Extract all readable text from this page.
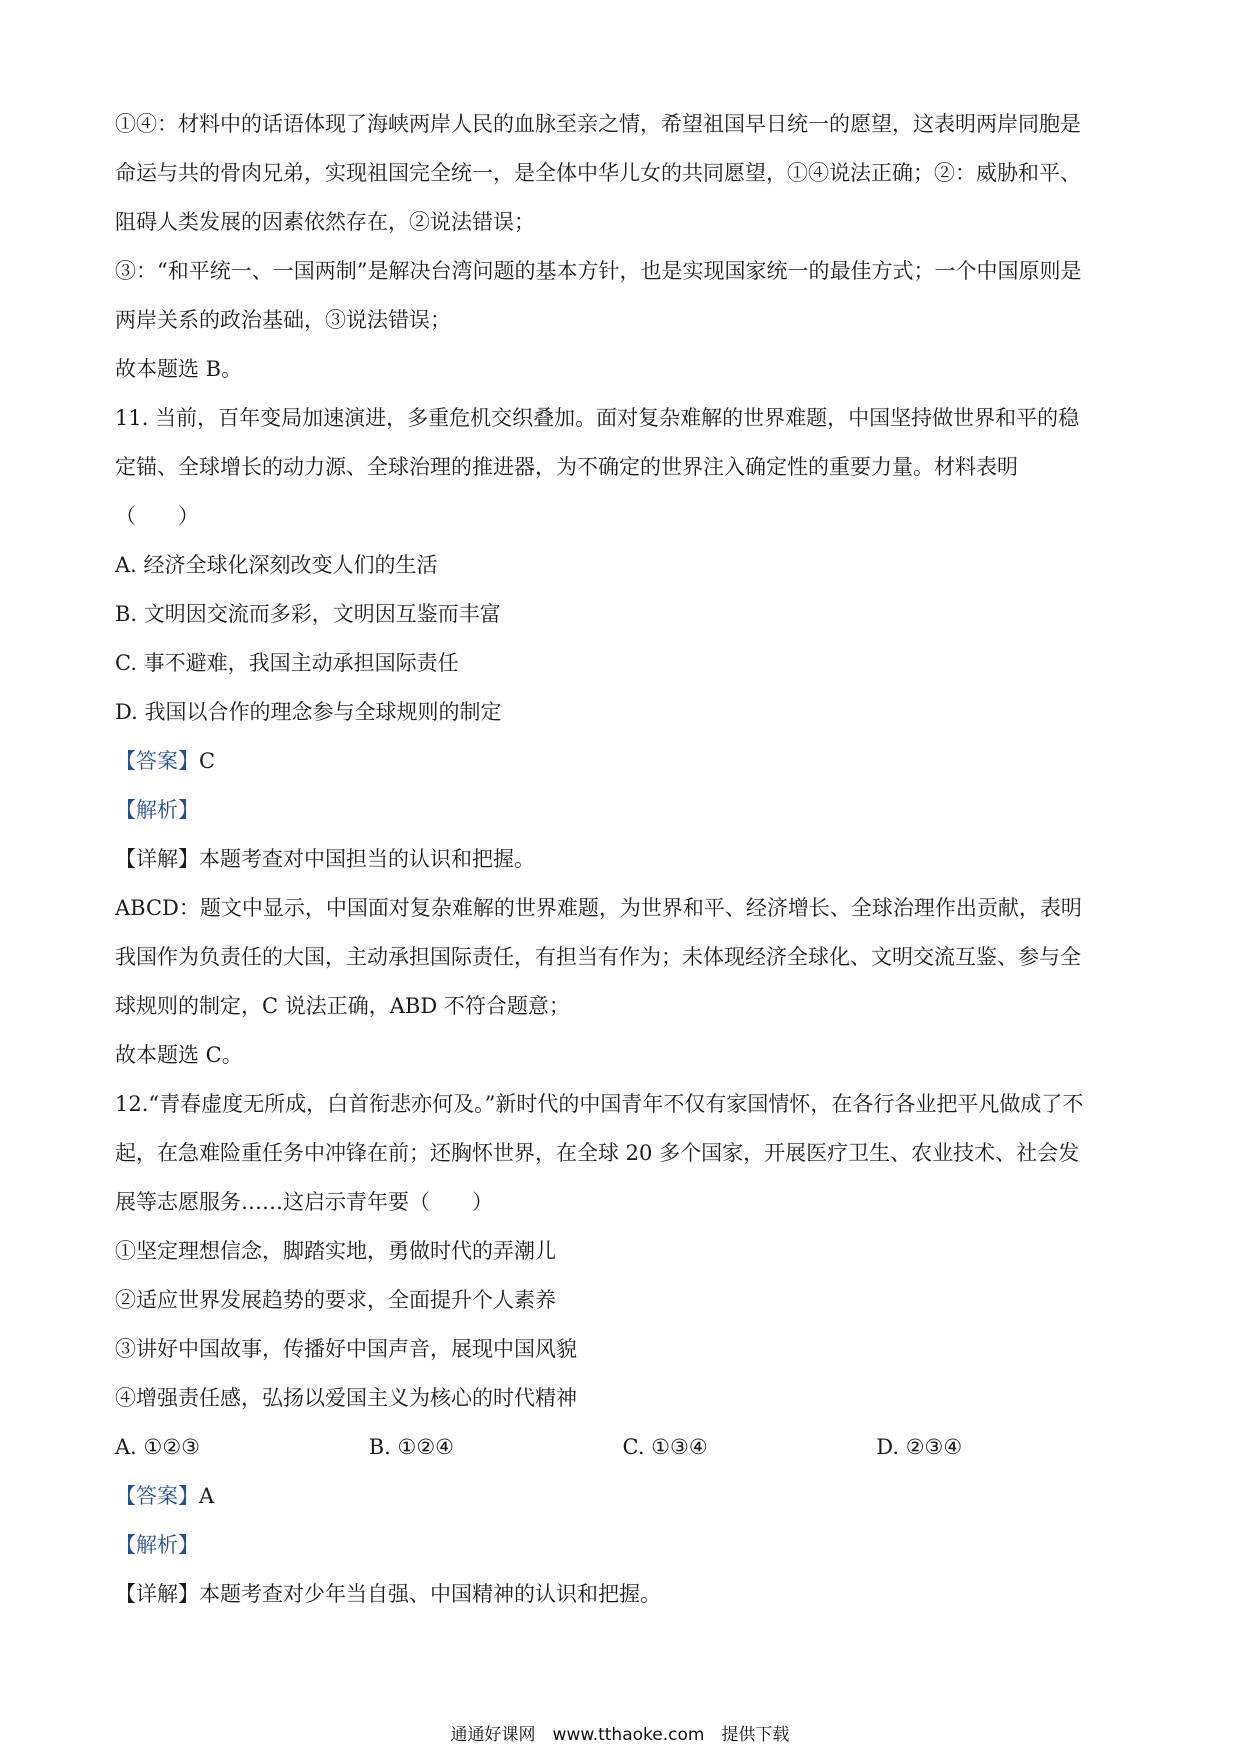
①④：材料中的话语体现了海峡两岸人民的血脉至亲之情，希望祖国早日统一的愿望，这表明两岸同胞是
命运与共的骨肉兄弟，实现祖国完全统一，是全体中华儿女的共同愿望，①④说法正确；②：威胁和平、
阻碍人类发展的因素依然存在，②说法错误；
③：“和平统一、一国两制”是解决台湾问题的基本方针，也是实现国家统一的最佳方式；一个中国原则是
两岸关系的政治基础，③说法错误；
故本题选 B。
11. 当前，百年变局加速演进，多重危机交织叠加。面对复杂难解的世界难题，中国坚持做世界和平的稳
定锚、全球增长的动力源、全球治理的推进器，为不确定的世界注入确定性的重要力量。材料表明
（　　）
A. 经济全球化深刻改变人们的生活
B. 文明因交流而多彩，文明因互鉴而丰富
C. 事不避难，我国主动承担国际责任
D. 我国以合作的理念参与全球规则的制定
【答案】C
【解析】
【详解】本题考查对中国担当的认识和把握。
ABCD：题文中显示，中国面对复杂难解的世界难题，为世界和平、经济增长、全球治理作出贡献，表明
我国作为负责任的大国，主动承担国际责任，有担当有作为；未体现经济全球化、文明交流互鉴、参与全
球规则的制定，C 说法正确，ABD 不符合题意；
故本题选 C。
12.“青春虚度无所成，白首衔悲亦何及。”新时代的中国青年不仅有家国情怀，在各行各业把平凡做成了不
起，在急难险重任务中冲锋在前；还胸怀世界，在全球 20 多个国家，开展医疗卫生、农业技术、社会发
展等志愿服务……这启示青年要（　　）
①坚定理想信念，脚踏实地，勇做时代的弄潮儿
②适应世界发展趋势的要求，全面提升个人素养
③讲好中国故事，传播好中国声音，展现中国风貌
④增强责任感，弘扬以爱国主义为核心的时代精神
A. ①②③	B. ①②④	C. ①③④	D. ②③④
【答案】A
【解析】
【详解】本题考查对少年当自强、中国精神的认识和把握。
通通好课网　www.tthaoke.com　提供下载
